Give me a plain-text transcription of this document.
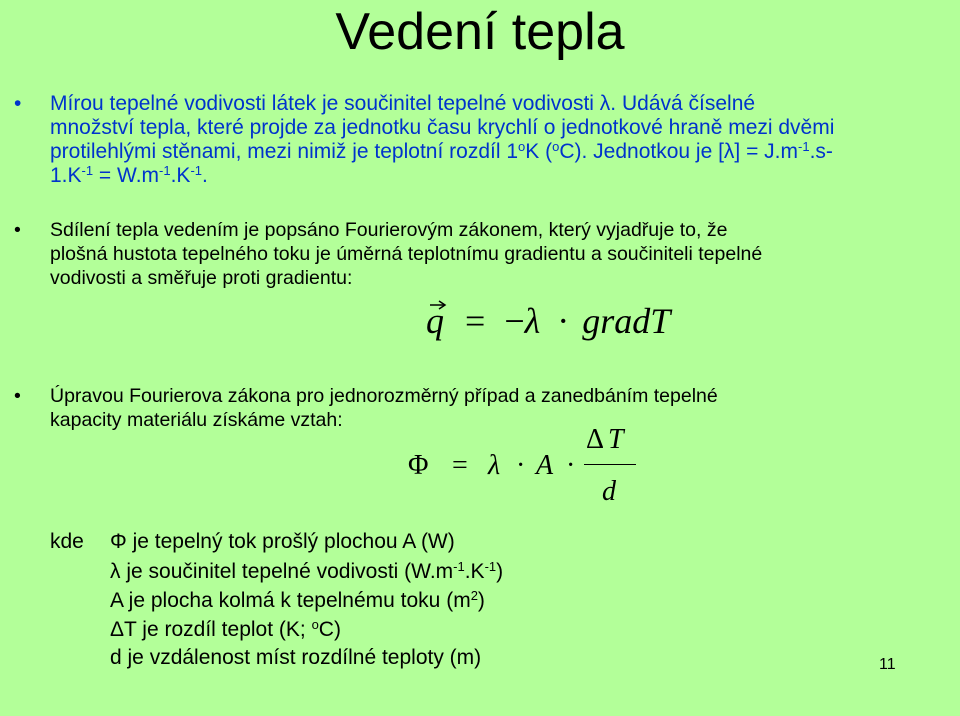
Vedení tepla
• Mírou tepelné vodivosti látek je součinitel tepelné vodivosti λ. Udává číselné
množství tepla, které projde za jednotku času krychlí o jednotkové hraně mezi dvěmi
protilehlými stěnami, mezi nimiž je teplotní rozdíl 1$^o$K ($^o$C). Jednotkou je $[\lambda] = J.m^{-1}.s-$
$1.K^{-1} = W.m^{-1}.K^{-1}$.
• Sdílení tepla vedením je popsáno Fourierovým zákonem, který vyjadřuje to, že
plošná hustota tepelného toku je úměrná teplotnímu gradientu a součiniteli tepelné
vodivosti a směřuje proti gradientu:
q = −λ · gradT
• Úpravou Fourierova zákona pro jednorozměrný případ a zanedbáním tepelné
kapacity materiálu získáme vztah:
Φ = λ · A ·
Δ T
d
kde Φ je tepelný tok prošlý plochou A (W)
λ je součinitel tepelné vodivosti $(W.m^{-1}.K^{-1})$
A je plocha kolmá k tepelnému toku $(m^2)$
ΔT je rozdíl teplot (K; $^o$C)
d je vzdálenost míst rozdílné teploty (m)	11
